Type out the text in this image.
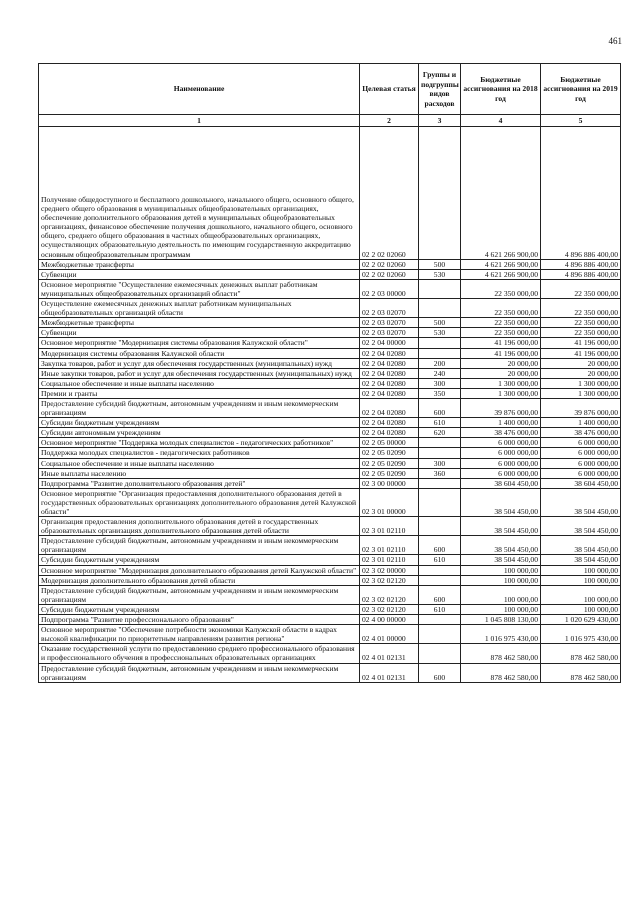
461
Наименование	Целевая статья	Группы и подгруппы видов расходов	Бюджетные ассигнования на 2018 год	Бюджетные ассигнования на 2019 год
1	2	3	4	5
Получение общедоступного и бесплатного дошкольного, начального общего, основного общего, среднего общего образования в муниципальных общеобразовательных организациях, обеспечение дополнительного образования детей в муниципальных общеобразовательных организациях, финансовое обеспечение получения дошкольного, начального общего, основного общего, среднего общего образования в частных общеобразовательных организациях, осуществляющих образовательную деятельность по имеющим государственную аккредитацию основным общеобразовательным программам	02 2 02 02060		4 621 266 900,00	4 896 886 400,00
Межбюджетные трансферты	02 2 02 02060	500	4 621 266 900,00	4 896 886 400,00
Субвенции	02 2 02 02060	530	4 621 266 900,00	4 896 886 400,00
Основное мероприятие "Осуществление ежемесячных денежных выплат работникам муниципальных общеобразовательных организаций области"	02 2 03 00000		22 350 000,00	22 350 000,00
Осуществление ежемесячных денежных выплат работникам муниципальных общеобразовательных организаций области	02 2 03 02070		22 350 000,00	22 350 000,00
Межбюджетные трансферты	02 2 03 02070	500	22 350 000,00	22 350 000,00
Субвенции	02 2 03 02070	530	22 350 000,00	22 350 000,00
Основное мероприятие "Модернизация системы образования Калужской области"	02 2 04 00000		41 196 000,00	41 196 000,00
Модернизация системы образования Калужской области	02 2 04 02080		41 196 000,00	41 196 000,00
Закупка товаров, работ и услуг для обеспечения государственных (муниципальных) нужд	02 2 04 02080	200	20 000,00	20 000,00
Иные закупки товаров, работ и услуг для обеспечения государственных (муниципальных) нужд	02 2 04 02080	240	20 000,00	20 000,00
Социальное обеспечение и иные выплаты населению	02 2 04 02080	300	1 300 000,00	1 300 000,00
Премии и гранты	02 2 04 02080	350	1 300 000,00	1 300 000,00
Предоставление субсидий бюджетным, автономным учреждениям и иным некоммерческим организациям	02 2 04 02080	600	39 876 000,00	39 876 000,00
Субсидии бюджетным учреждениям	02 2 04 02080	610	1 400 000,00	1 400 000,00
Субсидии автономным учреждениям	02 2 04 02080	620	38 476 000,00	38 476 000,00
Основное мероприятие "Поддержка молодых специалистов - педагогических работников"	02 2 05 00000		6 000 000,00	6 000 000,00
Поддержка молодых специалистов - педагогических работников	02 2 05 02090		6 000 000,00	6 000 000,00
Социальное обеспечение и иные выплаты населению	02 2 05 02090	300	6 000 000,00	6 000 000,00
Иные выплаты населению	02 2 05 02090	360	6 000 000,00	6 000 000,00
Подпрограмма "Развитие дополнительного образования детей"	02 3 00 00000		38 604 450,00	38 604 450,00
Основное мероприятие "Организация предоставления дополнительного образования детей в государственных образовательных организациях дополнительного образования детей Калужской области"	02 3 01 00000		38 504 450,00	38 504 450,00
Организация предоставления дополнительного образования детей в государственных образовательных организациях дополнительного образования детей области	02 3 01 02110		38 504 450,00	38 504 450,00
Предоставление субсидий бюджетным, автономным учреждениям и иным некоммерческим организациям	02 3 01 02110	600	38 504 450,00	38 504 450,00
Субсидии бюджетным учреждениям	02 3 01 02110	610	38 504 450,00	38 504 450,00
Основное мероприятие "Модернизация дополнительного образования детей Калужской области"	02 3 02 00000		100 000,00	100 000,00
Модернизация дополнительного образования детей области	02 3 02 02120		100 000,00	100 000,00
Предоставление субсидий бюджетным, автономным учреждениям и иным некоммерческим организациям	02 3 02 02120	600	100 000,00	100 000,00
Субсидии бюджетным учреждениям	02 3 02 02120	610	100 000,00	100 000,00
Подпрограмма "Развитие профессионального образования"	02 4 00 00000		1 045 808 130,00	1 020 629 430,00
Основное мероприятие "Обеспечение потребности экономики Калужской области в кадрах высокой квалификации по приоритетным направлениям развития региона"	02 4 01 00000		1 016 975 430,00	1 016 975 430,00
Оказание государственной услуги по предоставлению среднего профессионального образования и профессионального обучения в профессиональных образовательных организациях	02 4 01 02131		878 462 580,00	878 462 580,00
Предоставление субсидий бюджетным, автономным учреждениям и иным некоммерческим организациям	02 4 01 02131	600	878 462 580,00	878 462 580,00
